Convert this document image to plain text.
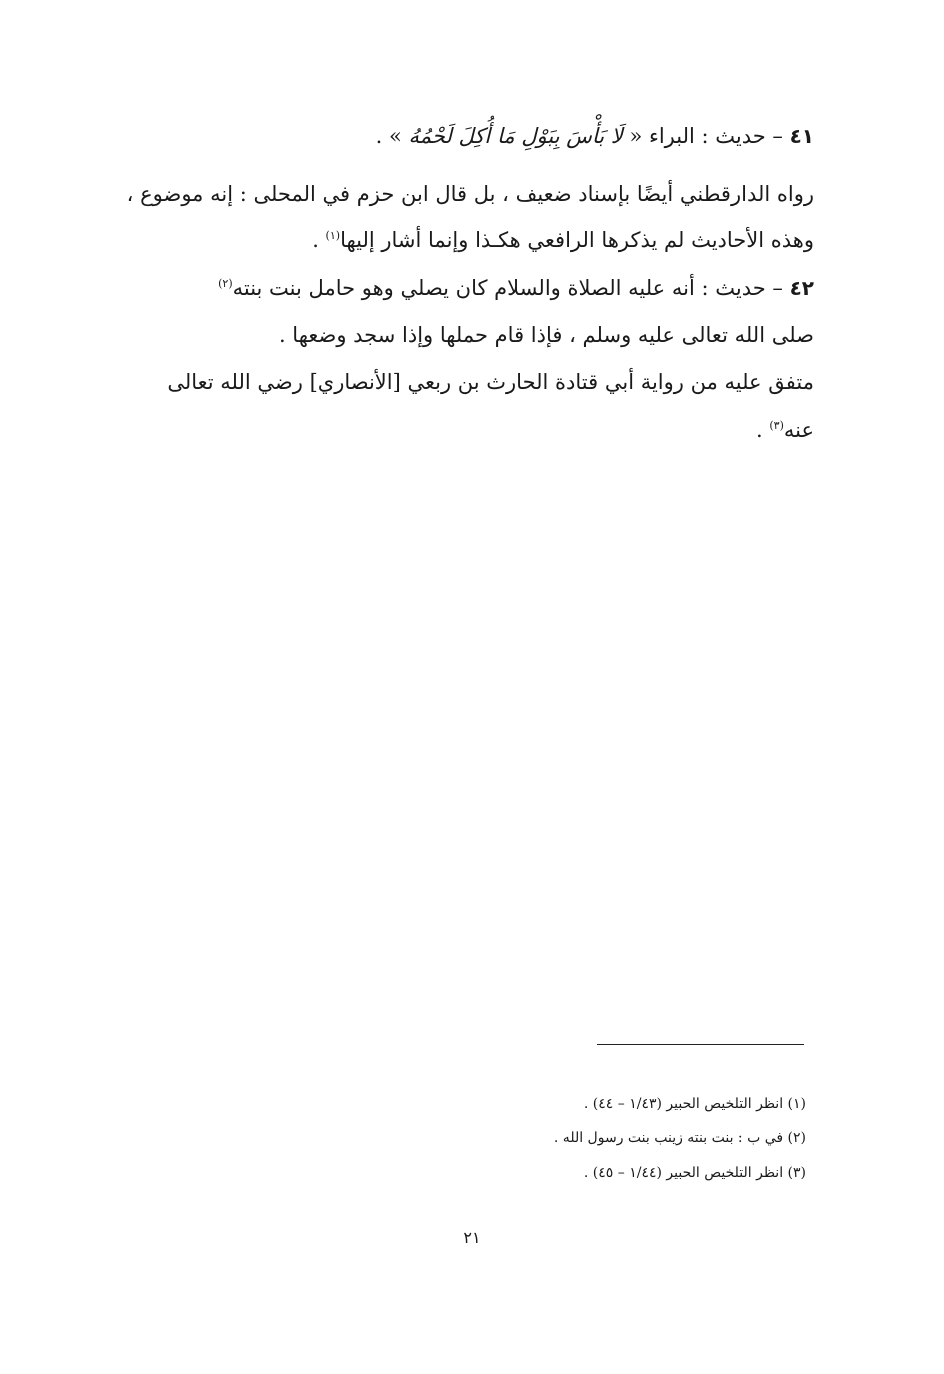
٤١ – حديث : البراء « لَا بَأْسَ بِبَوْلِ مَا أُكِلَ لَحْمُهُ » .
رواه الدارقطني أيضًا بإسناد ضعيف ، بل قال ابن حزم في المحلى : إنه موضوع ،
وهذه الأحاديث لم يذكرها الرافعي هكـذا وإنما أشار إليها$^{(١)}$ .
٤٢ – حديث : أنه عليه الصلاة والسلام كان يصلي وهو حامل بنت بنته$^{(٢)}$
صلى الله تعالى عليه وسلم ، فإذا قام حملها وإذا سجد وضعها .
متفق عليه من رواية أبي قتادة الحارث بن ربعي [الأنصاري] رضي الله تعالى
عنه$^{(٣)}$ .
(١) انظر التلخيص الحبير (١/٤٣ – ٤٤) .
(٢) في ب : بنت بنته زينب بنت رسول الله .
(٣) انظر التلخيص الحبير (١/٤٤ – ٤٥) .
٢١
